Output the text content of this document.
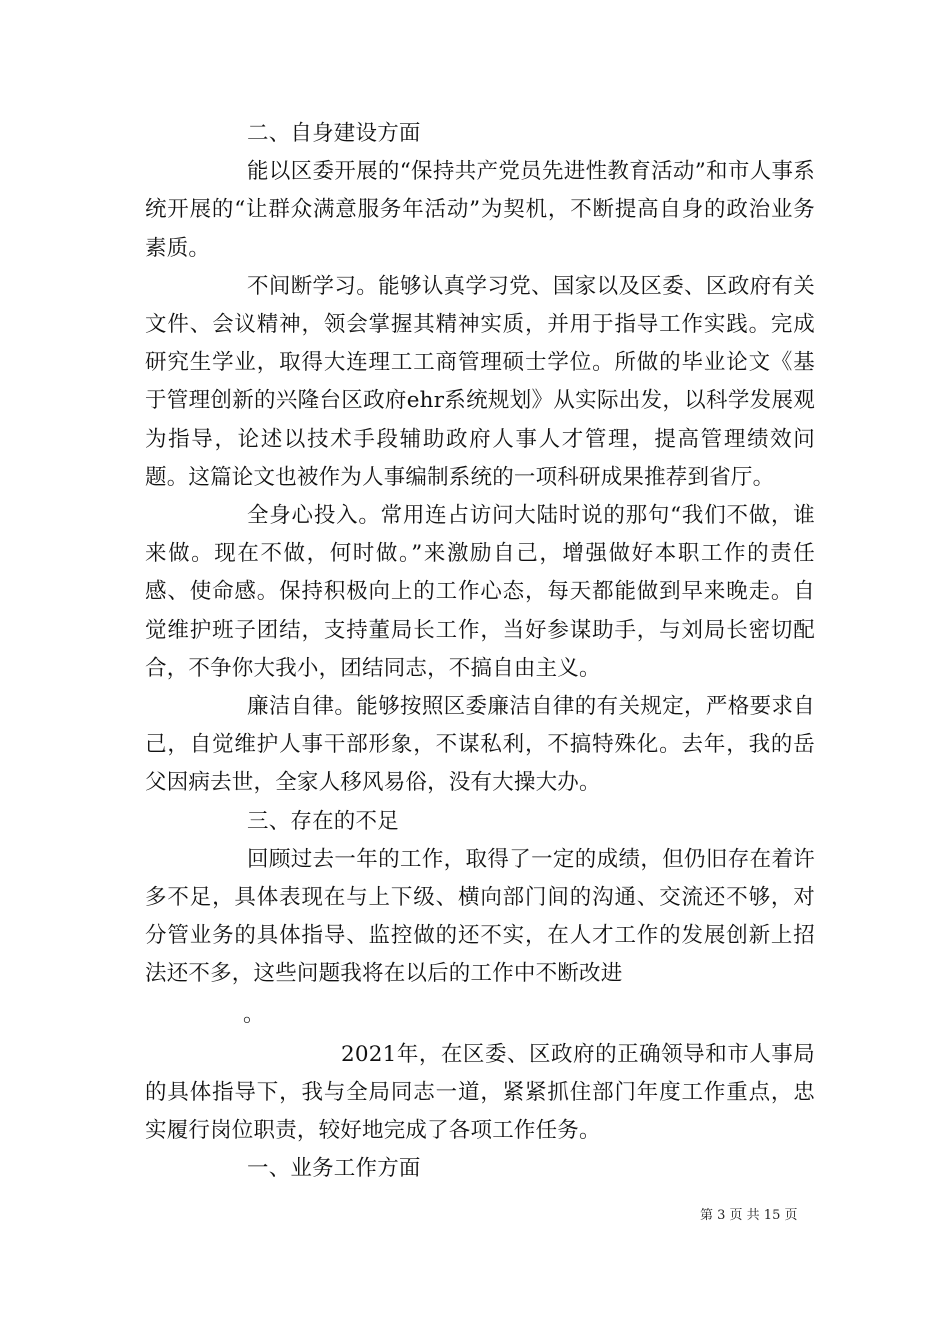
二、自身建设方面

能以区委开展的“保持共产党员先进性教育活动”和市人事系统开展的“让群众满意服务年活动”为契机，不断提高自身的政治业务素质。

不间断学习。能够认真学习党、国家以及区委、区政府有关文件、会议精神，领会掌握其精神实质，并用于指导工作实践。完成研究生学业，取得大连理工工商管理硕士学位。所做的毕业论文《基于管理创新的兴隆台区政府ehr系统规划》从实际出发，以科学发展观为指导，论述以技术手段辅助政府人事人才管理，提高管理绩效问题。这篇论文也被作为人事编制系统的一项科研成果推荐到省厅。

全身心投入。常用连占访问大陆时说的那句“我们不做，谁来做。现在不做，何时做。”来激励自己，增强做好本职工作的责任感、使命感。保持积极向上的工作心态，每天都能做到早来晚走。自觉维护班子团结，支持董局长工作，当好参谋助手，与刘局长密切配合，不争你大我小，团结同志，不搞自由主义。

廉洁自律。能够按照区委廉洁自律的有关规定，严格要求自己，自觉维护人事干部形象，不谋私利，不搞特殊化。去年，我的岳父因病去世，全家人移风易俗，没有大操大办。

三、存在的不足

回顾过去一年的工作，取得了一定的成绩，但仍旧存在着许多不足，具体表现在与上下级、横向部门间的沟通、交流还不够，对分管业务的具体指导、监控做的还不实，在人才工作的发展创新上招法还不多，这些问题我将在以后的工作中不断改进

。

2021年，在区委、区政府的正确领导和市人事局的具体指导下，我与全局同志一道，紧紧抓住部门年度工作重点，忠实履行岗位职责，较好地完成了各项工作任务。

一、业务工作方面

第 3 页 共 15 页
